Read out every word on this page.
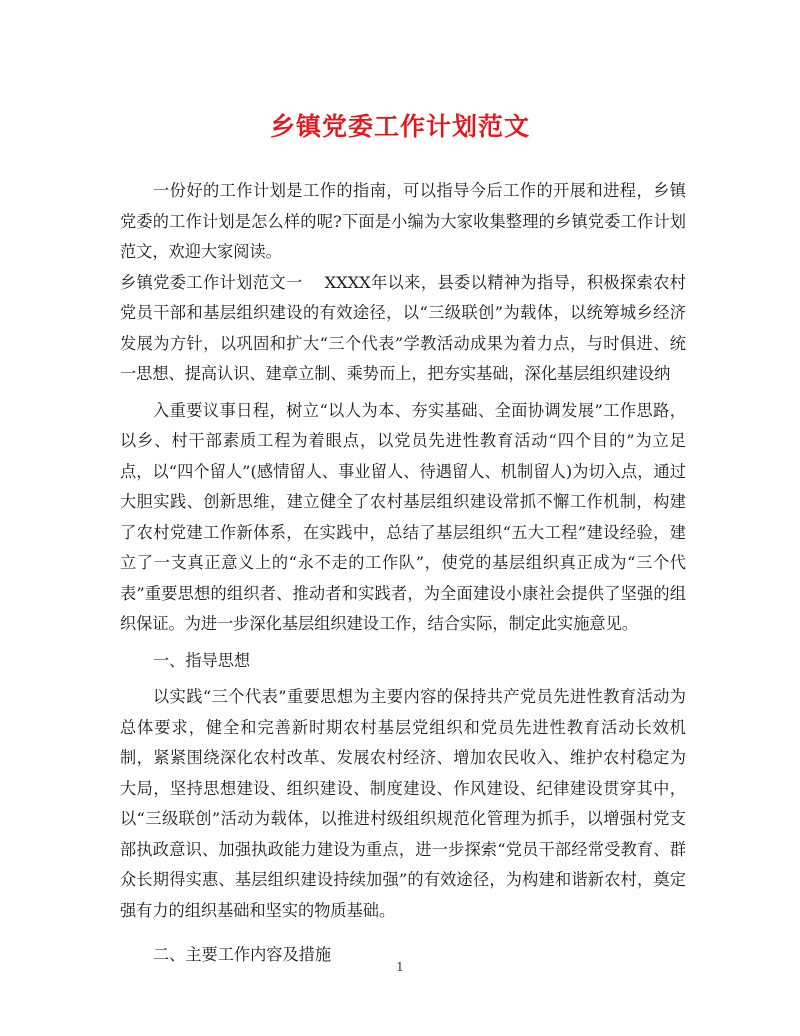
乡镇党委工作计划范文

一份好的工作计划是工作的指南，可以指导今后工作的开展和进程，乡镇党委的工作计划是怎么样的呢?下面是小编为大家收集整理的乡镇党委工作计划范文，欢迎大家阅读。

乡镇党委工作计划范文一 XXXX年以来，县委以精神为指导，积极探索农村党员干部和基层组织建设的有效途径，以“三级联创”为载体，以统筹城乡经济发展为方针，以巩固和扩大“三个代表”学教活动成果为着力点，与时俱进、统一思想、提高认识、建章立制、乘势而上，把夯实基础，深化基层组织建设纳

入重要议事日程，树立“以人为本、夯实基础、全面协调发展”工作思路，以乡、村干部素质工程为着眼点，以党员先进性教育活动“四个目的”为立足点，以“四个留人”(感情留人、事业留人、待遇留人、机制留人)为切入点，通过大胆实践、创新思维，建立健全了农村基层组织建设常抓不懈工作机制，构建了农村党建工作新体系，在实践中，总结了基层组织“五大工程”建设经验，建立了一支真正意义上的“永不走的工作队”，使党的基层组织真正成为“三个代表”重要思想的组织者、推动者和实践者，为全面建设小康社会提供了坚强的组织保证。为进一步深化基层组织建设工作，结合实际，制定此实施意见。

一、指导思想

以实践“三个代表”重要思想为主要内容的保持共产党员先进性教育活动为总体要求，健全和完善新时期农村基层党组织和党员先进性教育活动长效机制，紧紧围绕深化农村改革、发展农村经济、增加农民收入、维护农村稳定为大局，坚持思想建设、组织建设、制度建设、作风建设、纪律建设贯穿其中，以“三级联创”活动为载体，以推进村级组织规范化管理为抓手，以增强村党支部执政意识、加强执政能力建设为重点，进一步探索“党员干部经常受教育、群众长期得实惠、基层组织建设持续加强”的有效途径，为构建和谐新农村，奠定强有力的组织基础和坚实的物质基础。

二、主要工作内容及措施

1
